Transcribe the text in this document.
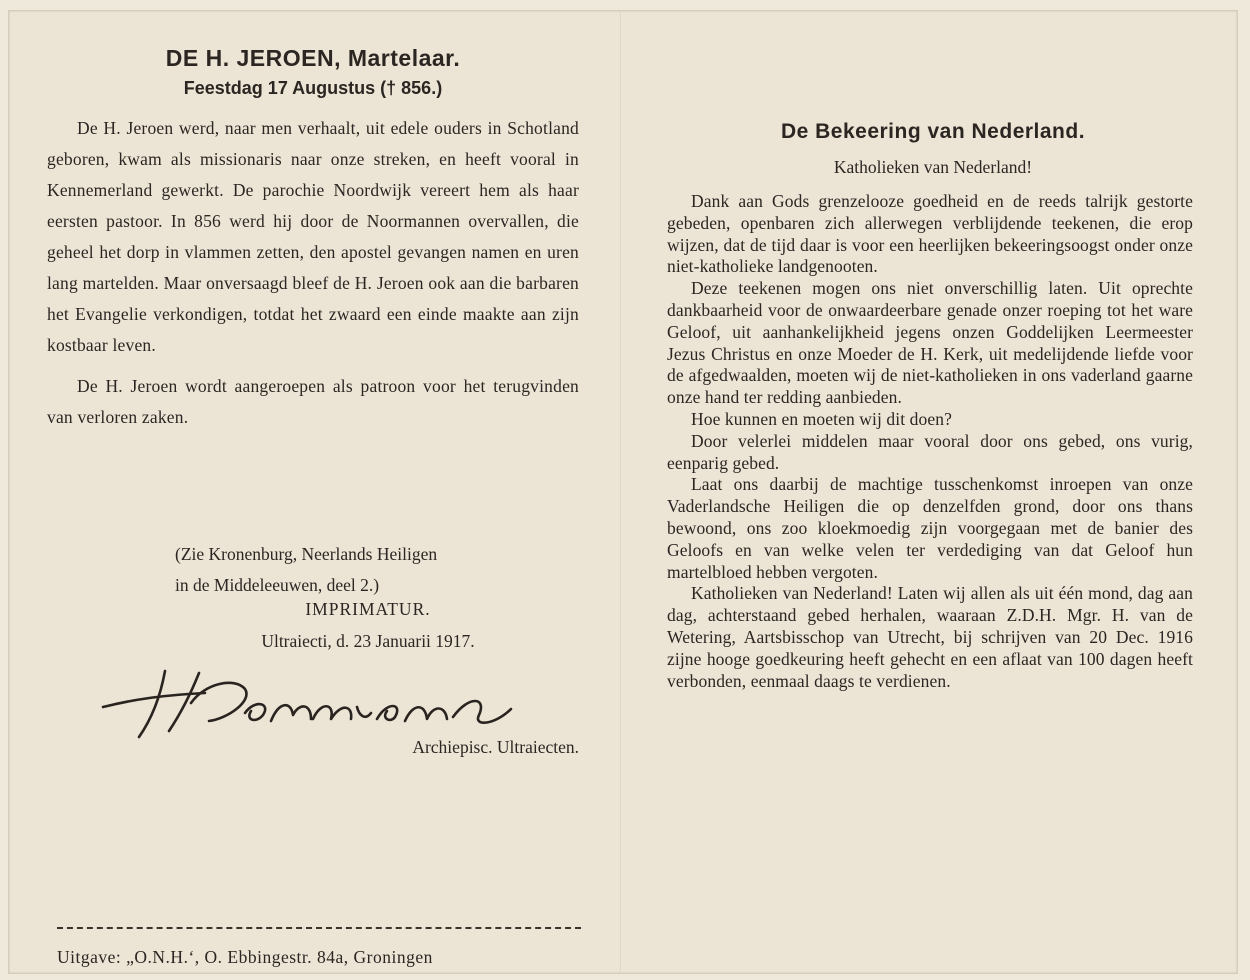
DE H. JEROEN, Martelaar.
Feestdag 17 Augustus († 856.)

De H. Jeroen werd, naar men verhaalt, uit edele ouders in Schotland geboren, kwam als missionaris naar onze streken, en heeft vooral in Kennemerland gewerkt. De parochie Noordwijk vereert hem als haar eersten pastoor. In 856 werd hij door de Noormannen overvallen, die geheel het dorp in vlammen zetten, den apostel gevangen namen en uren lang martelden. Maar onversaagd bleef de H. Jeroen ook aan die barbaren het Evangelie verkondigen, totdat het zwaard een einde maakte aan zijn kostbaar leven.

De H. Jeroen wordt aangeroepen als patroon voor het terugvinden van verloren zaken.

(Zie Kronenburg, Neerlands Heiligen
in de Middeleeuwen, deel 2.)
IMPRIMATUR.
Ultraiecti, d. 23 Januarii 1917.
Archiepisc. Ultraiecten.
Uitgave: „O.N.H.‘, O. Ebbingestr. 84a, Groningen
De Bekeering van Nederland.
Katholieken van Nederland!

Dank aan Gods grenzelooze goedheid en de reeds talrijk gestorte gebeden, openbaren zich allerwegen verblijdende teekenen, die erop wijzen, dat de tijd daar is voor een heerlijken bekeeringsoogst onder onze niet-katholieke landgenooten.

Deze teekenen mogen ons niet onverschillig laten. Uit oprechte dankbaarheid voor de onwaardeerbare genade onzer roeping tot het ware Geloof, uit aanhankelijkheid jegens onzen Goddelijken Leermeester Jezus Christus en onze Moeder de H. Kerk, uit medelijdende liefde voor de afgedwaalden, moeten wij de niet-katholieken in ons vaderland gaarne onze hand ter redding aanbieden.

Hoe kunnen en moeten wij dit doen?

Door velerlei middelen maar vooral door ons gebed, ons vurig, eenparig gebed.

Laat ons daarbij de machtige tusschenkomst inroepen van onze Vaderlandsche Heiligen die op denzelfden grond, door ons thans bewoond, ons zoo kloekmoedig zijn voorgegaan met de banier des Geloofs en van welke velen ter verdediging van dat Geloof hun martelbloed hebben vergoten.

Katholieken van Nederland! Laten wij allen als uit één mond, dag aan dag, achterstaand gebed herhalen, waaraan Z.D.H. Mgr. H. van de Wetering, Aartsbisschop van Utrecht, bij schrijven van 20 Dec. 1916 zijne hooge goedkeuring heeft gehecht en een aflaat van 100 dagen heeft verbonden, eenmaal daags te verdienen.
